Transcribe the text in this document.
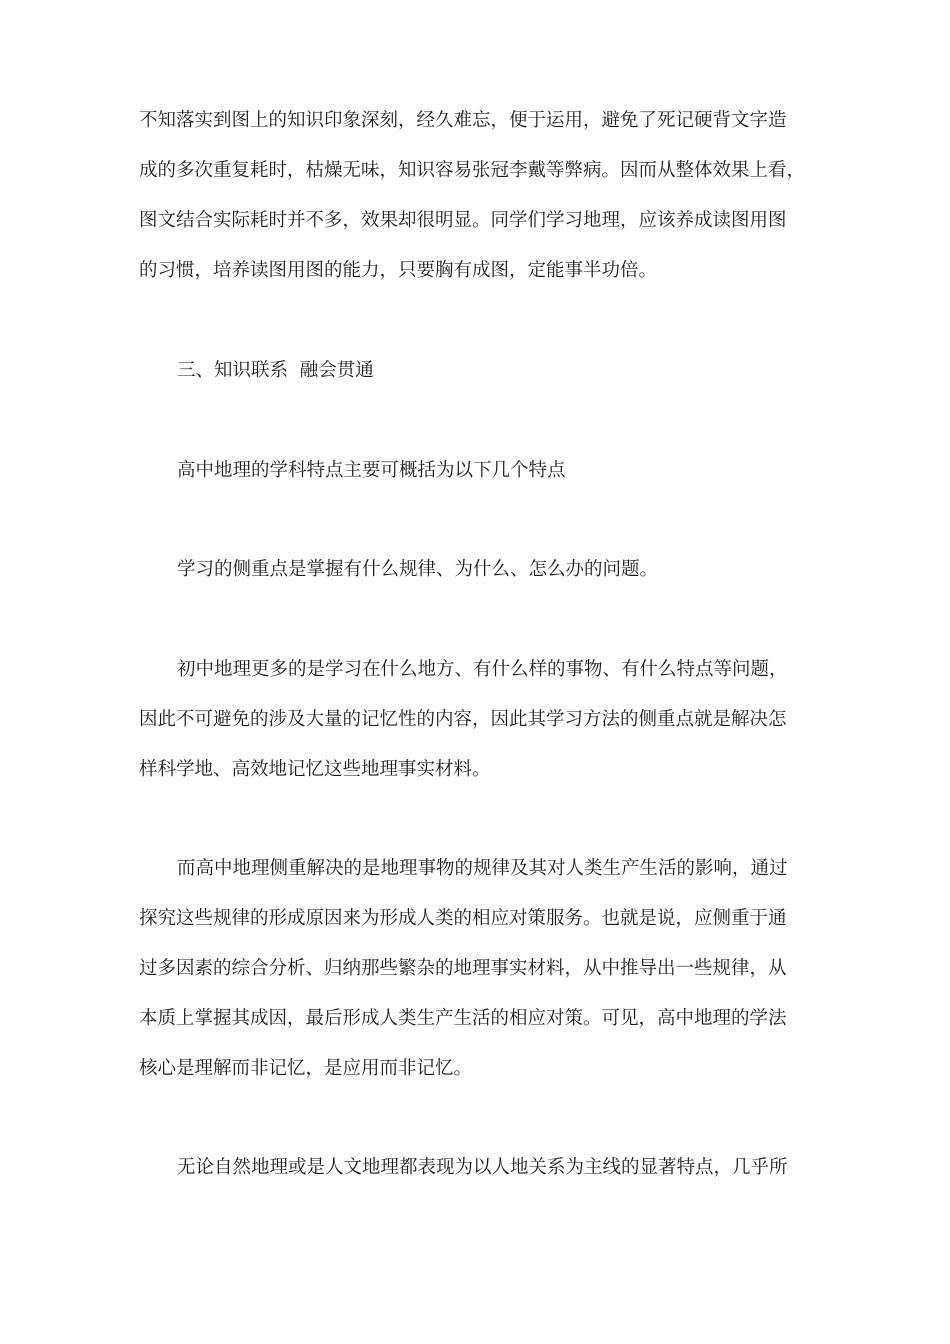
不知落实到图上的知识印象深刻，经久难忘，便于运用，避免了死记硬背文字造
成的多次重复耗时，枯燥无味，知识容易张冠李戴等弊病。因而从整体效果上看，
图文结合实际耗时并不多，效果却很明显。同学们学习地理，应该养成读图用图
的习惯，培养读图用图的能力，只要胸有成图，定能事半功倍。
三、知识联系  融会贯通
高中地理的学科特点主要可概括为以下几个特点
学习的侧重点是掌握有什么规律、为什么、怎么办的问题。
初中地理更多的是学习在什么地方、有什么样的事物、有什么特点等问题，
因此不可避免的涉及大量的记忆性的内容，因此其学习方法的侧重点就是解决怎
样科学地、高效地记忆这些地理事实材料。
而高中地理侧重解决的是地理事物的规律及其对人类生产生活的影响，通过
探究这些规律的形成原因来为形成人类的相应对策服务。也就是说，应侧重于通
过多因素的综合分析、归纳那些繁杂的地理事实材料，从中推导出一些规律，从
本质上掌握其成因，最后形成人类生产生活的相应对策。可见，高中地理的学法
核心是理解而非记忆，是应用而非记忆。
无论自然地理或是人文地理都表现为以人地关系为主线的显著特点，几乎所
